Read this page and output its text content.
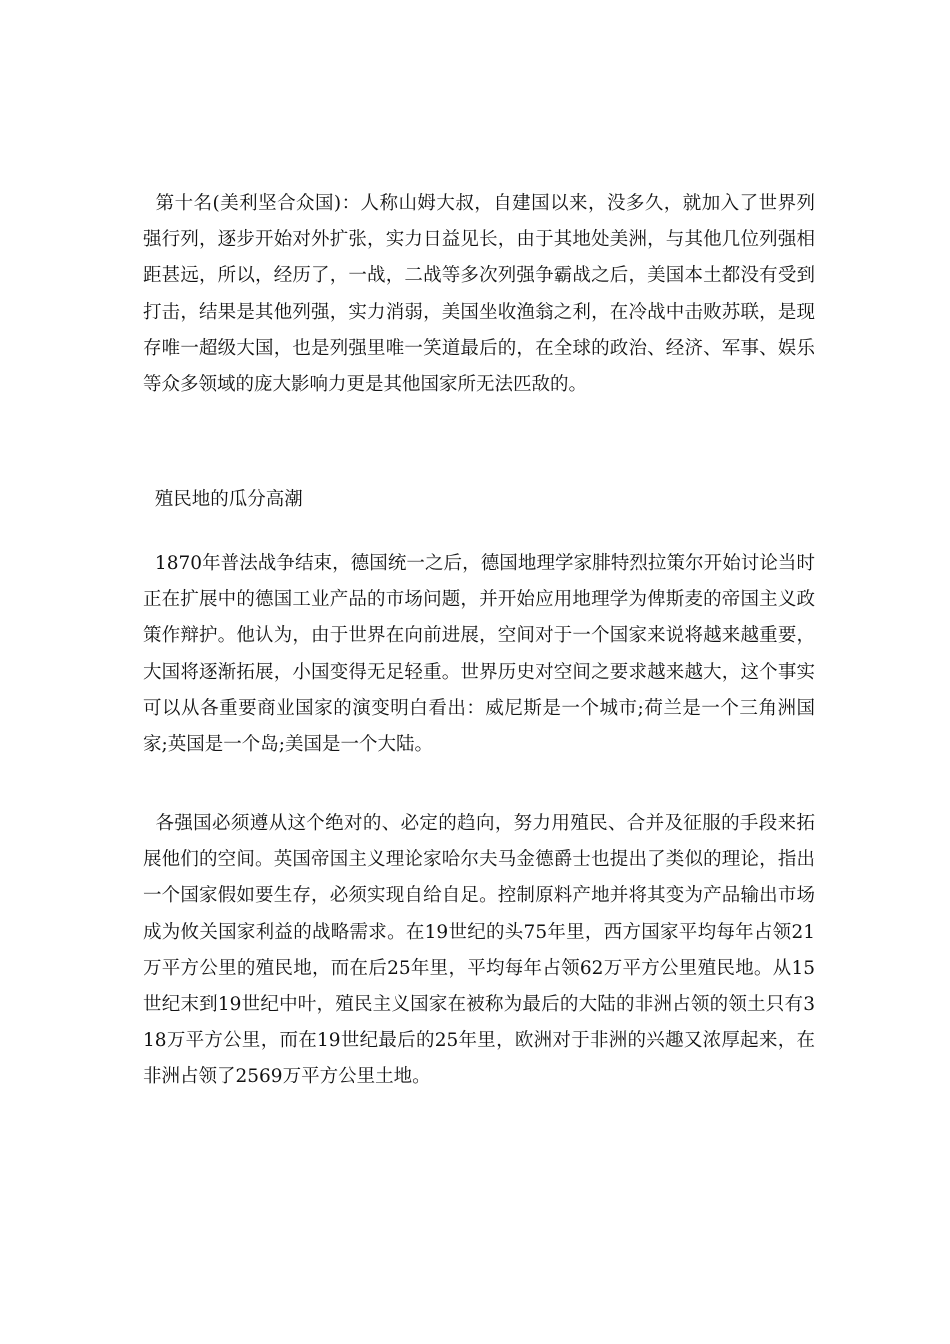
第十名(美利坚合众国)：人称山姆大叔，自建国以来，没多久，就加入了世界列强行列，逐步开始对外扩张，实力日益见长，由于其地处美洲，与其他几位列强相距甚远，所以，经历了，一战，二战等多次列强争霸战之后，美国本土都没有受到打击，结果是其他列强，实力消弱，美国坐收渔翁之利，在冷战中击败苏联，是现存唯一超级大国，也是列强里唯一笑道最后的，在全球的政治、经济、军事、娱乐等众多领域的庞大影响力更是其他国家所无法匹敌的。

殖民地的瓜分高潮

1870年普法战争结束，德国统一之后，德国地理学家腓特烈拉策尔开始讨论当时正在扩展中的德国工业产品的市场问题，并开始应用地理学为俾斯麦的帝国主义政策作辩护。他认为，由于世界在向前进展，空间对于一个国家来说将越来越重要，大国将逐渐拓展，小国变得无足轻重。世界历史对空间之要求越来越大，这个事实可以从各重要商业国家的演变明白看出：威尼斯是一个城市;荷兰是一个三角洲国家;英国是一个岛;美国是一个大陆。

各强国必须遵从这个绝对的、必定的趋向，努力用殖民、合并及征服的手段来拓展他们的空间。英国帝国主义理论家哈尔夫马金德爵士也提出了类似的理论，指出一个国家假如要生存，必须实现自给自足。控制原料产地并将其变为产品输出市场成为攸关国家利益的战略需求。在19世纪的头75年里，西方国家平均每年占领21万平方公里的殖民地，而在后25年里，平均每年占领62万平方公里殖民地。从15世纪末到19世纪中叶，殖民主义国家在被称为最后的大陆的非洲占领的领土只有318万平方公里，而在19世纪最后的25年里，欧洲对于非洲的兴趣又浓厚起来，在非洲占领了2569万平方公里土地。
